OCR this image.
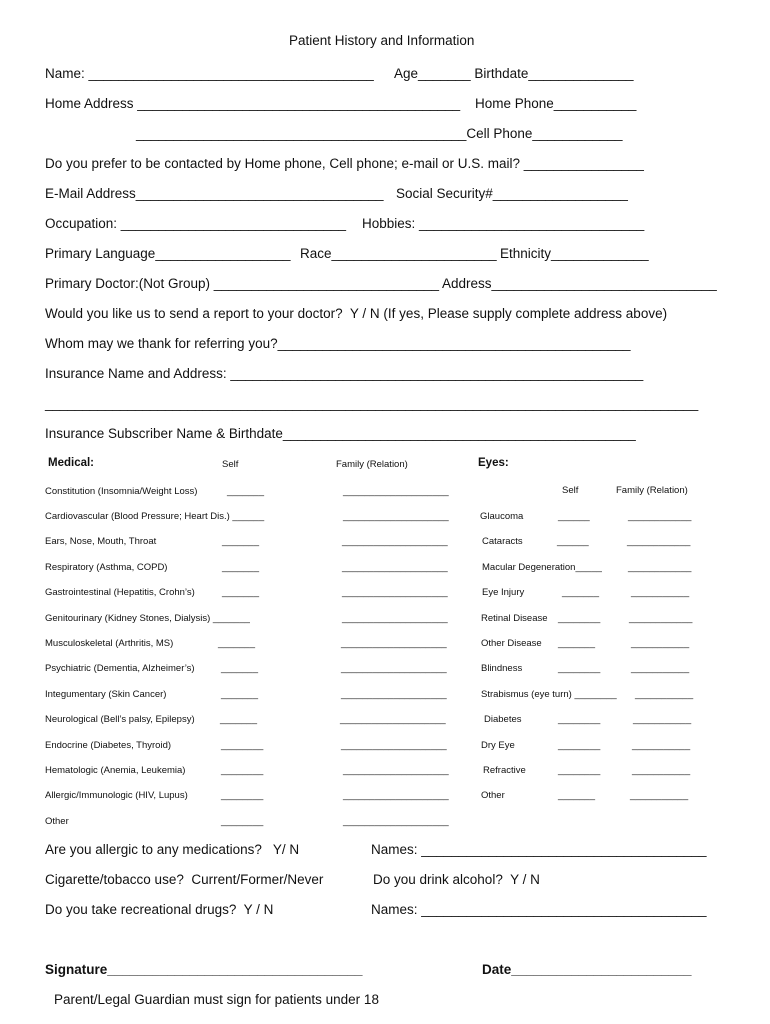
Patient History and Information
Name: ______________________________________ Age_______ Birthdate______________
Home Address ___________________________________________ Home Phone___________
____________________________________________Cell Phone____________
Do you prefer to be contacted by Home phone, Cell phone; e-mail or U.S. mail? ________________
E-Mail Address_________________________________ Social Security#__________________
Occupation: ______________________________ Hobbies: ______________________________
Primary Language__________________ Race______________________ Ethnicity_____________
Primary Doctor:(Not Group) ______________________________ Address______________________________
Would you like us to send a report to your doctor?  Y / N (If yes, Please supply complete address above)
Whom may we thank for referring you?_______________________________________________
Insurance Name and Address: _______________________________________________________
_______________________________________________________________________________________
Insurance Subscriber Name & Birthdate_______________________________________________
Medical:	Self	Family (Relation)	Eyes:
Self	Family (Relation)
Constitution (Insomnia/Weight Loss)	_______	____________________
Cardiovascular (Blood Pressure; Heart Dis.) ______	____________________
Ears, Nose, Mouth, Throat	_______	____________________
Respiratory (Asthma, COPD)	_______	____________________
Gastrointestinal (Hepatitis, Crohn’s)	_______	____________________
Genitourinary (Kidney Stones, Dialysis) _______	____________________
Musculoskeletal (Arthritis, MS)	_______	____________________
Psychiatric (Dementia, Alzheimer’s)	_______	____________________
Integumentary (Skin Cancer)	_______	____________________
Neurological (Bell’s palsy, Epilepsy)	_______	____________________
Endocrine (Diabetes, Thyroid)	________	____________________
Hematologic (Anemia, Leukemia)	________	____________________
Allergic/Immunologic (HIV, Lupus)	________	____________________
Other	________	____________________
Glaucoma	______	____________
Cataracts	______	____________
Macular Degeneration_____	____________
Eye Injury	_______	___________
Retinal Disease ________	____________
Other Disease _______	___________
Blindness	________	___________
Strabismus (eye turn) ________ ___________
Diabetes	________	___________
Dry Eye	________	___________
Refractive	________	___________
Other	_______	___________
Are you allergic to any medications?   Y/ N	Names: ______________________________________
Cigarette/tobacco use?  Current/Former/Never	Do you drink alcohol?  Y / N
Do you take recreational drugs?  Y / N	Names: ______________________________________
Signature__________________________________	Date________________________
Parent/Legal Guardian must sign for patients under 18
